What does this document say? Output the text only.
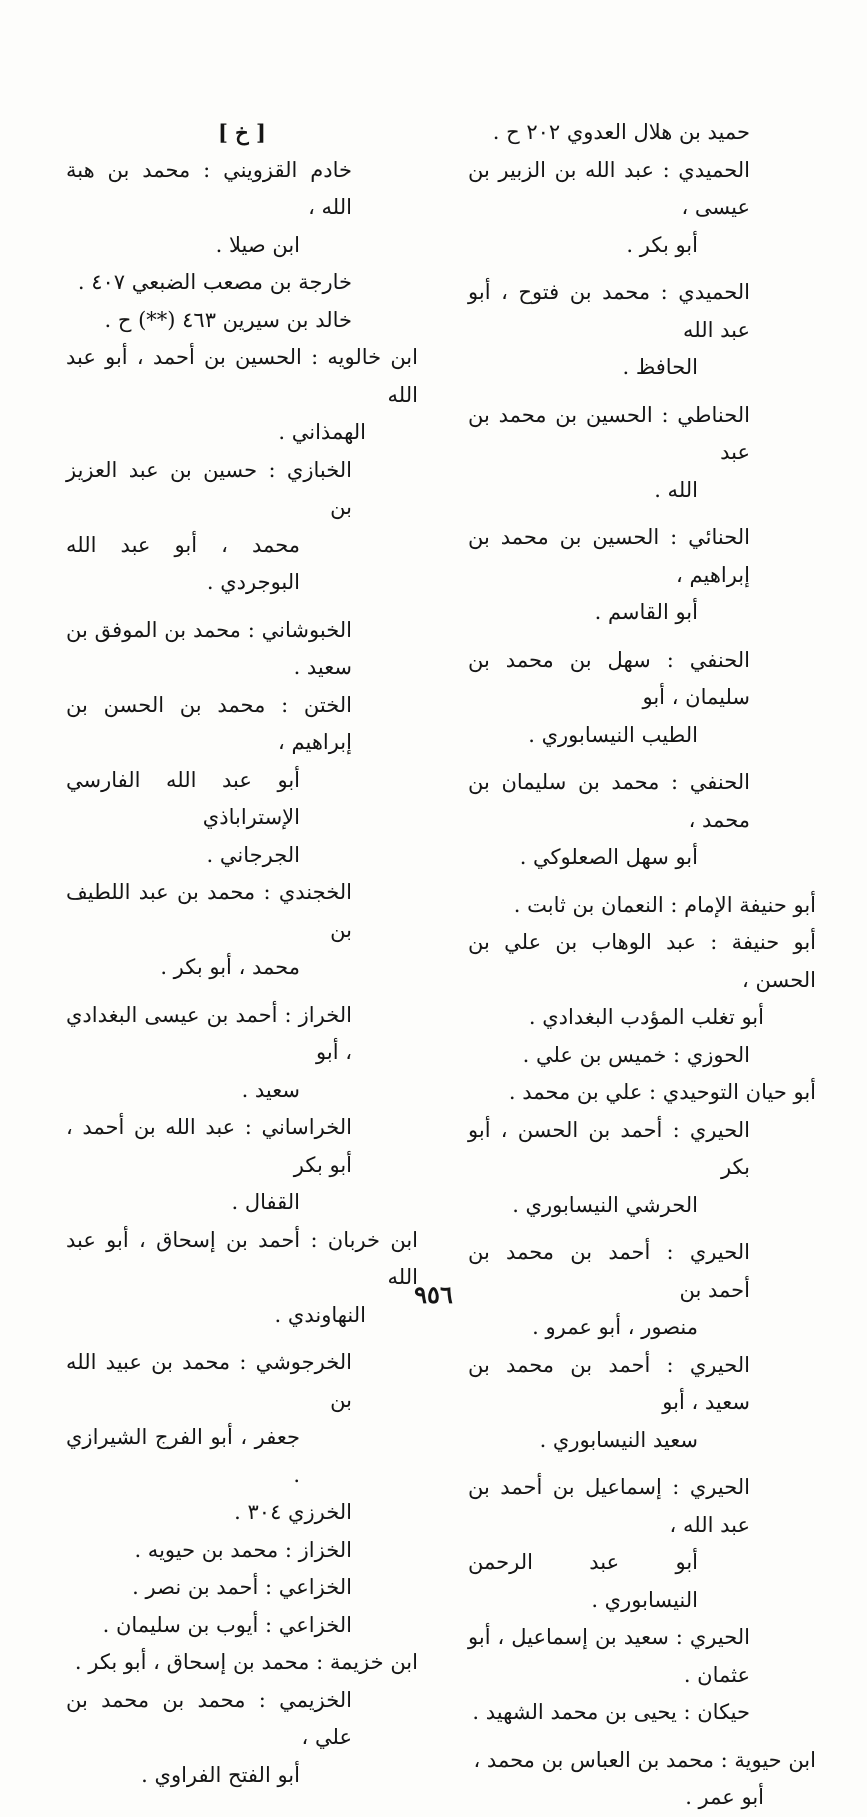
حميد بن هلال العدوي ٢٠٢ ح .

الحميدي : عبد الله بن الزبير بن عيسى ،
أبو بكر .

الحميدي : محمد بن فتوح ، أبو عبد الله
الحافظ .

الحناطي : الحسين بن محمد بن عبد
الله .

الحنائي : الحسين بن محمد بن إبراهيم ،
أبو القاسم .

الحنفي : سهل بن محمد بن سليمان ، أبو
الطيب النيسابوري .

الحنفي : محمد بن سليمان بن محمد ،
أبو سهل الصعلوكي .

أبو حنيفة الإمام : النعمان بن ثابت .

أبو حنيفة : عبد الوهاب بن علي بن الحسن ،
أبو تغلب المؤدب البغدادي .

الحوزي : خميس بن علي .

أبو حيان التوحيدي : علي بن محمد .

الحيري : أحمد بن الحسن ، أبو بكر
الحرشي النيسابوري .

الحيري : أحمد بن محمد بن أحمد بن
منصور ، أبو عمرو .

الحيري : أحمد بن محمد بن سعيد ، أبو
سعيد النيسابوري .

الحيري : إسماعيل بن أحمد بن عبد الله ،
أبو عبد الرحمن النيسابوري .

الحيري : سعيد بن إسماعيل ، أبو عثمان .

حيكان : يحيى بن محمد الشهيد .

ابن حيوية : محمد بن العباس بن محمد ،
أبو عمر .

[ خ ]

خادم القزويني : محمد بن هبة الله ،
ابن صيلا .

خارجة بن مصعب الضبعي ٤٠٧ .

خالد بن سيرين ٤٦٣ (**) ح .

ابن خالويه : الحسين بن أحمد ، أبو عبد الله
الهمذاني .

الخبازي : حسين بن عبد العزيز بن
محمد ، أبو عبد الله البوجردي .

الخبوشاني : محمد بن الموفق بن سعيد .

الختن : محمد بن الحسن بن إبراهيم ،
أبو عبد الله الفارسي الإستراباذي

الجرجاني .

الخجندي : محمد بن عبد اللطيف بن
محمد ، أبو بكر .

الخراز : أحمد بن عيسى البغدادي ، أبو
سعيد .

الخراساني : عبد الله بن أحمد ، أبو بكر
القفال .

ابن خربان : أحمد بن إسحاق ، أبو عبد الله
النهاوندي .

الخرجوشي : محمد بن عبيد الله بن
جعفر ، أبو الفرج الشيرازي .

الخرزي ٣٠٤ .

الخزاز : محمد بن حيويه .

الخزاعي : أحمد بن نصر .

الخزاعي : أيوب بن سليمان .

ابن خزيمة : محمد بن إسحاق ، أبو بكر .

الخزيمي : محمد بن محمد بن علي ،
أبو الفتح الفراوي .

٩٥٦
